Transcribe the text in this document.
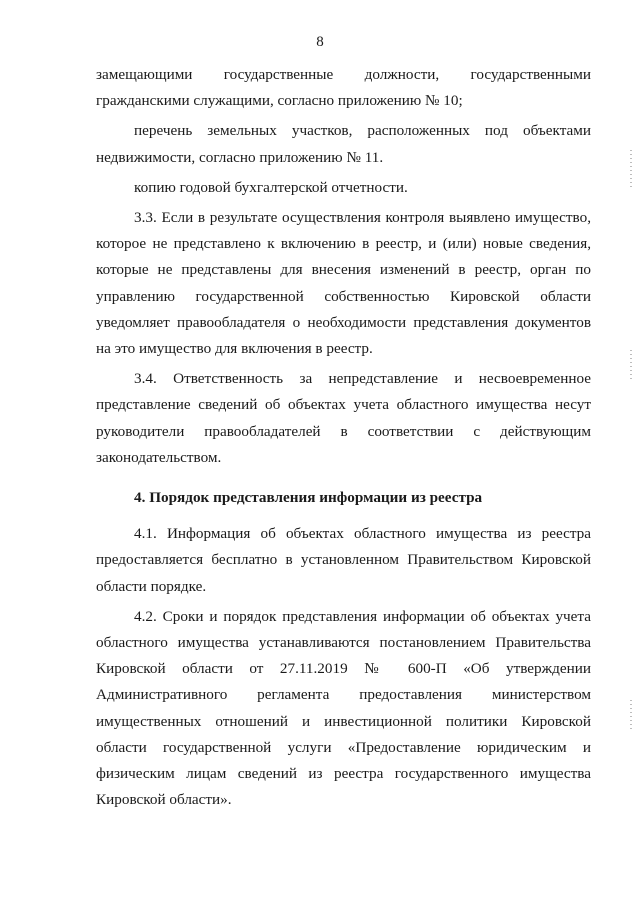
8

замещающими государственные должности, государственными гражданскими служащими, согласно приложению № 10;

перечень земельных участков, расположенных под объектами недвижимости, согласно приложению № 11.

копию годовой бухгалтерской отчетности.

3.3. Если в результате осуществления контроля выявлено имущество, которое не представлено к включению в реестр, и (или) новые сведения, которые не представлены для внесения изменений в реестр, орган по управлению государственной собственностью Кировской области уведомляет правообладателя о необходимости представления документов на это имущество для включения в реестр.

3.4. Ответственность за непредставление и несвоевременное представление сведений об объектах учета областного имущества несут руководители правообладателей в соответствии с действующим законодательством.

4. Порядок представления информации из реестра

4.1. Информация об объектах областного имущества из реестра предоставляется бесплатно в установленном Правительством Кировской области порядке.

4.2. Сроки и порядок представления информации об объектах учета областного имущества устанавливаются постановлением Правительства Кировской области от 27.11.2019 № 600-П «Об утверждении Административного регламента предоставления министерством имущественных отношений и инвестиционной политики Кировской области государственной услуги «Предоставление юридическим и физическим лицам сведений из реестра государственного имущества Кировской области».
